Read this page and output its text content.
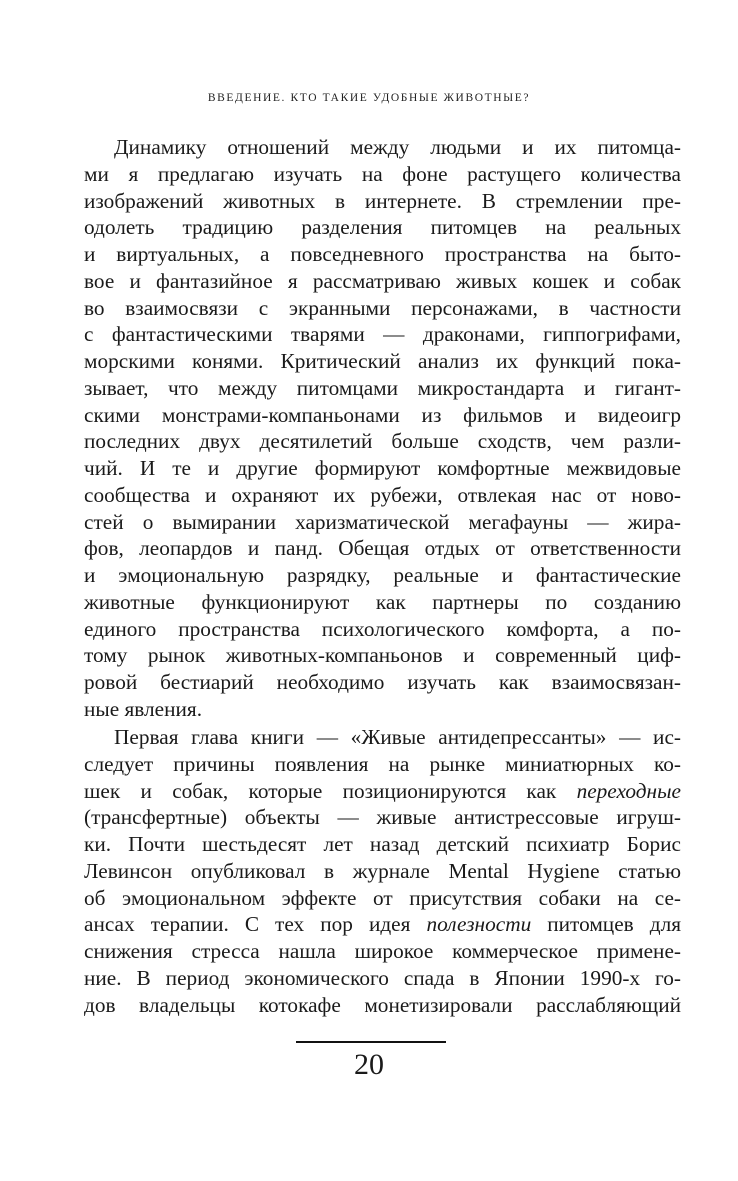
ВВЕДЕНИЕ. КТО ТАКИЕ УДОБНЫЕ ЖИВОТНЫЕ?
Динамику отношений между людьми и их питомца-
ми я предлагаю изучать на фоне растущего количества
изображений животных в интернете. В стремлении пре-
одолеть традицию разделения питомцев на реальных
и виртуальных, а повседневного пространства на быто-
вое и фантазийное я рассматриваю живых кошек и собак
во взаимосвязи с экранными персонажами, в частности
с фантастическими тварями — драконами, гиппогрифами,
морскими конями. Критический анализ их функций пока-
зывает, что между питомцами микростандарта и гигант-
скими монстрами-компаньонами из фильмов и видеоигр
последних двух десятилетий больше сходств, чем разли-
чий. И те и другие формируют комфортные межвидовые
сообщества и охраняют их рубежи, отвлекая нас от ново-
стей о вымирании харизматической мегафауны — жира-
фов, леопардов и панд. Обещая отдых от ответственности
и эмоциональную разрядку, реальные и фантастические
животные функционируют как партнеры по созданию
единого пространства психологического комфорта, а по-
тому рынок животных-компаньонов и современный циф-
ровой бестиарий необходимо изучать как взаимосвязан-
ные явления.
Первая глава книги — «Живые антидепрессанты» — ис-
следует причины появления на рынке миниатюрных ко-
шек и собак, которые позиционируются как переходные
(трансфертные) объекты — живые антистрессовые игруш-
ки. Почти шестьдесят лет назад детский психиатр Борис
Левинсон опубликовал в журнале Mental Hygiene статью
об эмоциональном эффекте от присутствия собаки на се-
ансах терапии. С тех пор идея полезности питомцев для
снижения стресса нашла широкое коммерческое примене-
ние. В период экономического спада в Японии 1990-х го-
дов владельцы котокафе монетизировали расслабляющий
20
